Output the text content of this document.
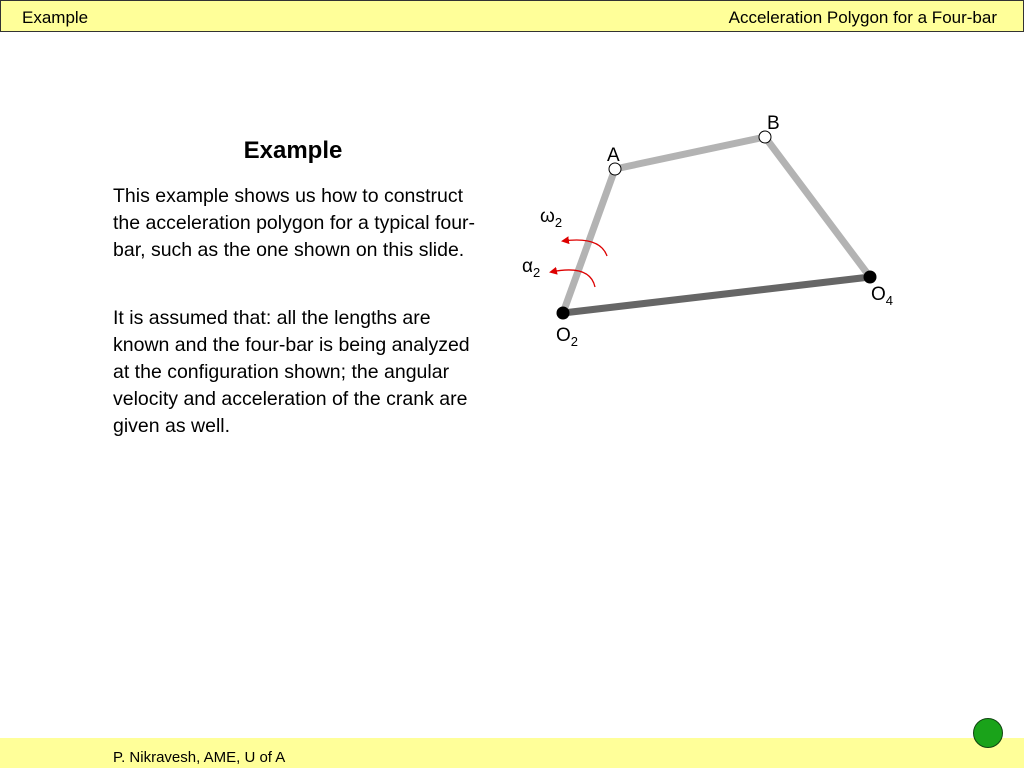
Example	Acceleration Polygon for a Four-bar
Example

This example shows us how to construct the acceleration polygon for a typical four-bar, such as the one shown on this slide.

It is assumed that: all the lengths are known and the four-bar is being analyzed at the configuration shown; the angular velocity and acceleration of the crank are given as well.

A
B
$O_2$
$O_4$
$\omega_2$
$\alpha_2$
P. Nikravesh, AME, U of A
